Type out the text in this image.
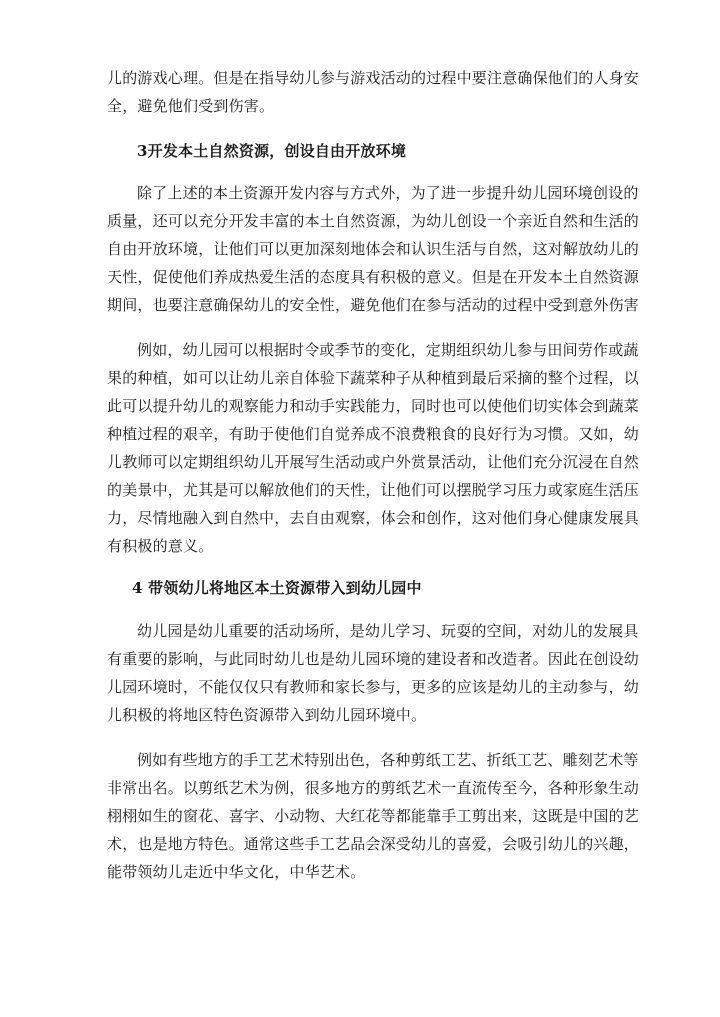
儿的游戏心理。但是在指导幼儿参与游戏活动的过程中要注意确保他们的人身安
全，避免他们受到伤害。
3开发本土自然资源，创设自由开放环境
除了上述的本土资源开发内容与方式外，为了进一步提升幼儿园环境创设的
质量，还可以充分开发丰富的本土自然资源，为幼儿创设一个亲近自然和生活的
自由开放环境，让他们可以更加深刻地体会和认识生活与自然，这对解放幼儿的
天性，促使他们养成热爱生活的态度具有积极的意义。但是在开发本土自然资源
期间，也要注意确保幼儿的安全性，避免他们在参与活动的过程中受到意外伤害
例如，幼儿园可以根据时令或季节的变化，定期组织幼儿参与田间劳作或蔬
果的种植，如可以让幼儿亲自体验下蔬菜种子从种植到最后采摘的整个过程，以
此可以提升幼儿的观察能力和动手实践能力，同时也可以使他们切实体会到蔬菜
种植过程的艰辛，有助于使他们自觉养成不浪费粮食的良好行为习惯。又如，幼
儿教师可以定期组织幼儿开展写生活动或户外赏景活动，让他们充分沉浸在自然
的美景中，尤其是可以解放他们的天性，让他们可以摆脱学习压力或家庭生活压
力，尽情地融入到自然中，去自由观察，体会和创作，这对他们身心健康发展具
有积极的意义。
4 带领幼儿将地区本土资源带入到幼儿园中
幼儿园是幼儿重要的活动场所，是幼儿学习、玩耍的空间，对幼儿的发展具
有重要的影响，与此同时幼儿也是幼儿园环境的建设者和改造者。因此在创设幼
儿园环境时，不能仅仅只有教师和家长参与，更多的应该是幼儿的主动参与，幼
儿积极的将地区特色资源带入到幼儿园环境中。
例如有些地方的手工艺术特别出色，各种剪纸工艺、折纸工艺、雕刻艺术等
非常出名。以剪纸艺术为例，很多地方的剪纸艺术一直流传至今，各种形象生动
栩栩如生的窗花、喜字、小动物、大红花等都能靠手工剪出来，这既是中国的艺
术，也是地方特色。通常这些手工艺品会深受幼儿的喜爱，会吸引幼儿的兴趣，
能带领幼儿走近中华文化，中华艺术。
